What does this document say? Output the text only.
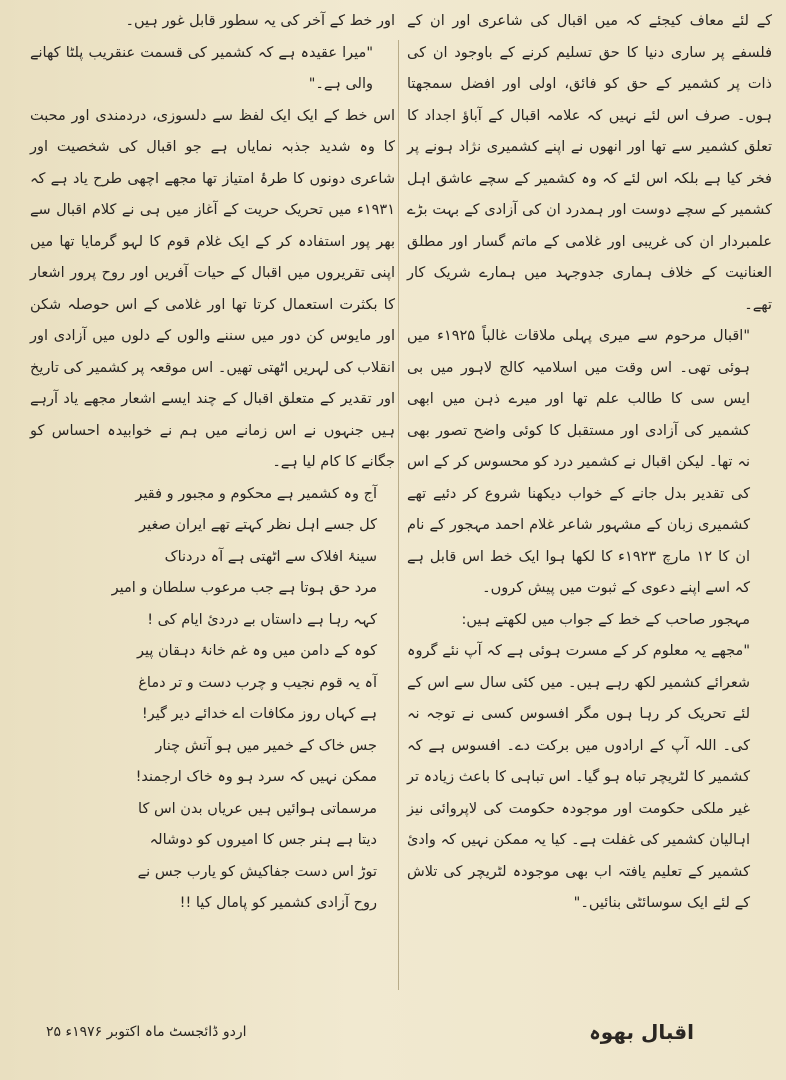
کے لئے معاف کیجئے کہ میں اقبال کی شاعری اور ان کے فلسفے پر ساری دنیا کا حق تسلیم کرنے کے باوجود ان کی ذات پر کشمیر کے حق کو فائق، اولی اور افضل سمجھتا ہوں۔ صرف اس لئے نہیں کہ علامہ اقبال کے آباؤ اجداد کا تعلق کشمیر سے تھا اور انھوں نے اپنے کشمیری نژاد ہونے پر فخر کیا ہے بلکہ اس لئے کہ وہ کشمیر کے سچے عاشق اہل کشمیر کے سچے دوست اور ہمدرد ان کی آزادی کے بہت بڑے علمبردار ان کی غریبی اور غلامی کے ماتم گسار اور مطلق العنانیت کے خلاف ہماری جدوجہد میں ہمارے شریک کار تھے۔

"اقبال مرحوم سے میری پہلی ملاقات غالباً ۱۹۲۵ء میں ہوئی تھی۔ اس وقت میں اسلامیہ کالج لاہور میں بی ایس سی کا طالب علم تھا اور میرے ذہن میں ابھی کشمیر کی آزادی اور مستقبل کا کوئی واضح تصور بھی نہ تھا۔ لیکن اقبال نے کشمیر درد کو محسوس کر کے اس کی تقدیر بدل جانے کے خواب دیکھنا شروع کر دئیے تھے کشمیری زبان کے مشہور شاعر غلام احمد مہجور کے نام ان کا ۱۲ مارچ ۱۹۲۳ء کا لکھا ہوا ایک خط اس قابل ہے کہ اسے اپنے دعوی کے ثبوت میں پیش کروں۔

مہجور صاحب کے خط کے جواب میں لکھتے ہیں:

"مجھے یہ معلوم کر کے مسرت ہوئی ہے کہ آپ نئے گروہ شعرائے کشمیر لکھ رہے ہیں۔ میں کئی سال سے اس کے لئے تحریک کر رہا ہوں مگر افسوس کسی نے توجہ نہ کی۔ اللہ آپ کے ارادوں میں برکت دے۔ افسوس ہے کہ کشمیر کا لٹریچر تباہ ہو گیا۔ اس تباہی کا باعث زیادہ تر غیر ملکی حکومت اور موجودہ حکومت کی لاپروائی نیز اہالیان کشمیر کی غفلت ہے۔ کیا یہ ممکن نہیں کہ وادئ کشمیر کے تعلیم یافتہ اب بھی موجودہ لٹریچر کی تلاش کے لئے ایک سوسائٹی بنائیں۔"

اور خط کے آخر کی یہ سطور قابل غور ہیں۔

"میرا عقیدہ ہے کہ کشمیر کی قسمت عنقریب پلٹا کھانے والی ہے۔"

اس خط کے ایک ایک لفظ سے دلسوزی، دردمندی اور محبت کا وہ شدید جذبہ نمایاں ہے جو اقبال کی شخصیت اور شاعری دونوں کا طرۂ امتیاز تھا مجھے اچھی طرح یاد ہے کہ ۱۹۳۱ء میں تحریک حریت کے آغاز میں ہی نے کلام اقبال سے بھر پور استفادہ کر کے ایک غلام قوم کا لہو گرمایا تھا میں اپنی تقریروں میں اقبال کے حیات آفریں اور روح پرور اشعار کا بکثرت استعمال کرتا تھا اور غلامی کے اس حوصلہ شکن اور مایوس کن دور میں سننے والوں کے دلوں میں آزادی اور انقلاب کی لہریں اٹھتی تھیں۔ اس موقعہ پر کشمیر کی تاریخ اور تقدیر کے متعلق اقبال کے چند ایسے اشعار مجھے یاد آرہے ہیں جنہوں نے اس زمانے میں ہم نے خوابیدہ احساس کو جگانے کا کام لیا ہے۔

آج وہ کشمیر ہے محکوم و مجبور و فقیر

کل جسے اہل نظر کہتے تھے ایران صغیر

سینۂ افلاک سے اٹھتی ہے آہ دردناک

مرد حق ہوتا ہے جب مرعوب سلطان و امیر

کہہ رہا ہے داستاں بے دردئ ایام کی !

کوہ کے دامن میں وہ غم خانۂ دہقان پیر

آہ یہ قوم نجیب و چرب دست و تر دماغ

ہے کہاں روز مکافات اے خدائے دیر گیر!

جس خاک کے خمیر میں ہو آتش چنار

ممکن نہیں کہ سرد ہو وہ خاک ارجمند!

مرسماتی ہوائیں ہیں عریاں بدن اس کا

دیتا ہے ہنر جس کا امیروں کو دوشالہ

توڑ اس دست جفاکیش کو یارب جس نے

روح آزادی کشمیر کو پامال کیا !!

اقبال بھوہ
اردو ڈائجسٹ ماہ اکتوبر ۱۹۷۶ء ۲۵
